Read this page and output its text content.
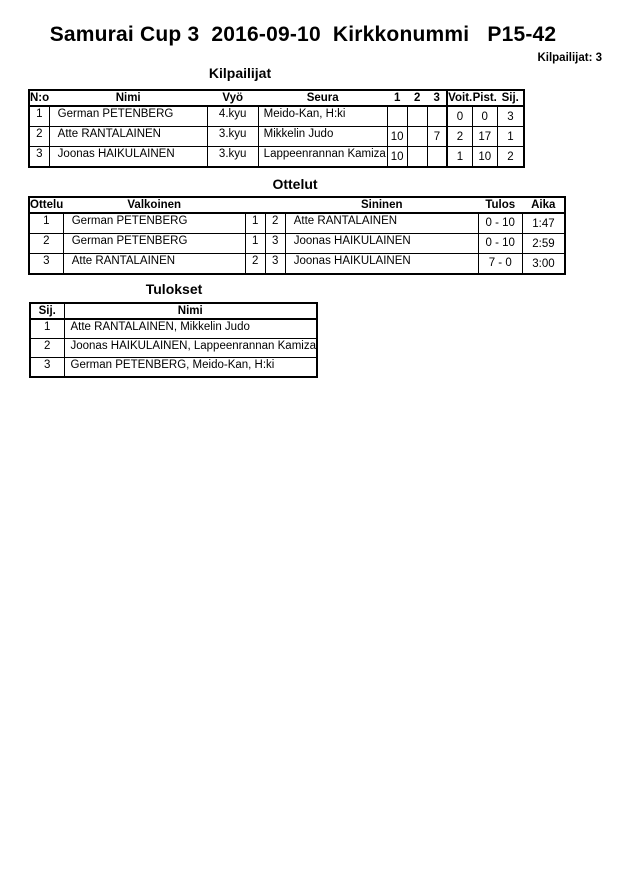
Samurai Cup 3  2016-09-10  Kirkkonummi   P15-42
Kilpailijat: 3
Kilpailijat
N:o	Nimi	Vyö	Seura	1	2	3	Voit.	Pist.	Sij.
1	German PETENBERG	4.kyu	Meido-Kan, H:ki				0	0	3
2	Atte RANTALAINEN	3.kyu	Mikkelin Judo	10		7	2	17	1
3	Joonas HAIKULAINEN	3.kyu	Lappeenrannan Kamiza	10			1	10	2
Ottelut
Ottelu	Valkoinen			Sininen	Tulos	Aika
1	German PETENBERG	1	2	Atte RANTALAINEN	0 - 10	1:47
2	German PETENBERG	1	3	Joonas HAIKULAINEN	0 - 10	2:59
3	Atte RANTALAINEN	2	3	Joonas HAIKULAINEN	7 - 0	3:00
Tulokset
Sij.	Nimi
1	Atte RANTALAINEN, Mikkelin Judo
2	Joonas HAIKULAINEN, Lappeenrannan Kamiza
3	German PETENBERG, Meido-Kan, H:ki
